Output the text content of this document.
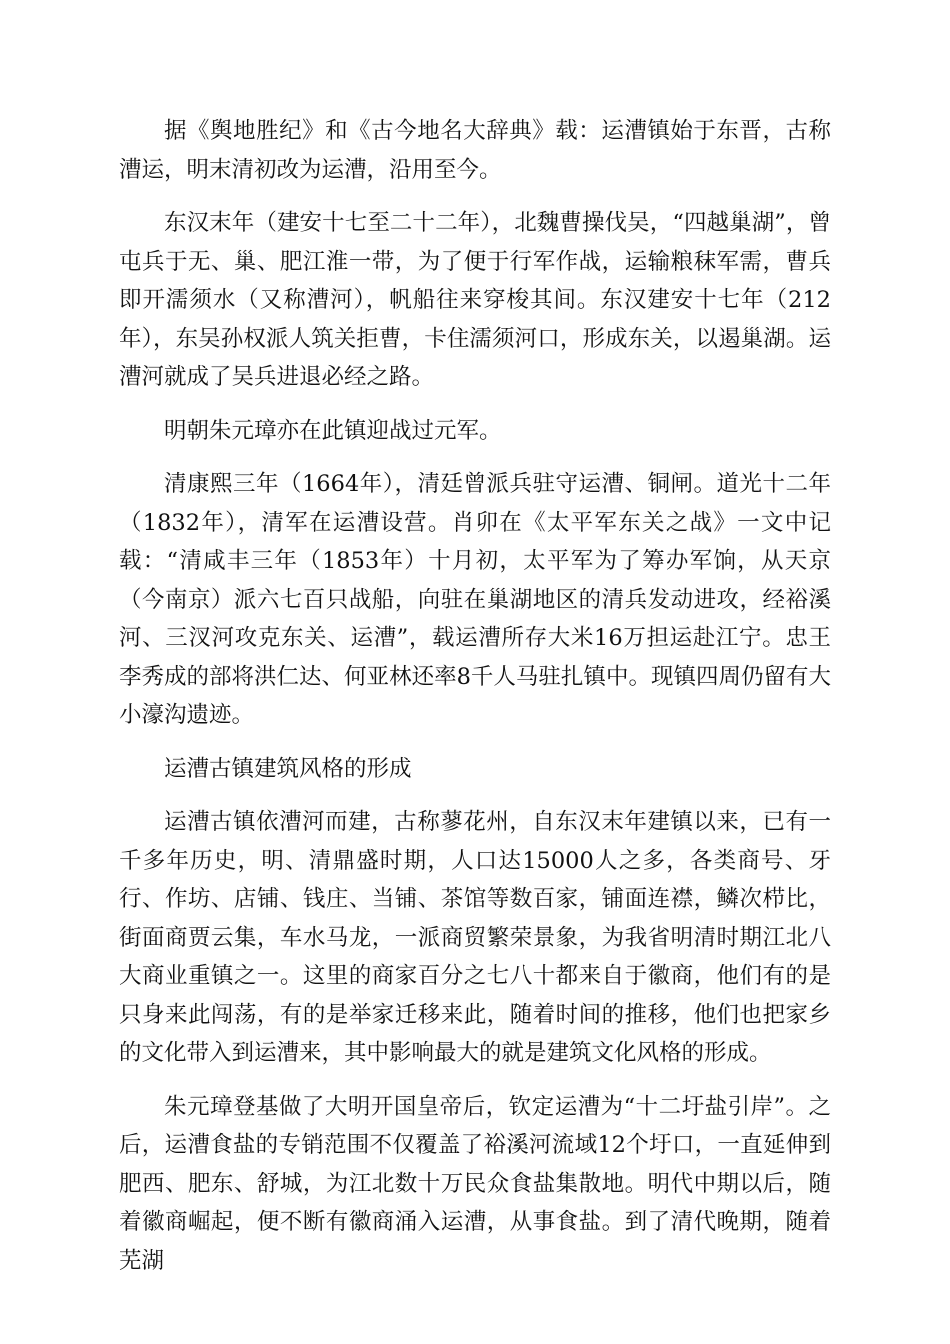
据《舆地胜纪》和《古今地名大辞典》载：运漕镇始于东晋，古称漕运，明末清初改为运漕，沿用至今。

东汉末年（建安十七至二十二年），北魏曹操伐吴，“四越巢湖”，曾屯兵于无、巢、肥江淮一带，为了便于行军作战，运输粮秣军需，曹兵即开濡须水（又称漕河），帆船往来穿梭其间。东汉建安十七年（212年），东吴孙权派人筑关拒曹，卡住濡须河口，形成东关，以遏巢湖。运漕河就成了吴兵进退必经之路。

明朝朱元璋亦在此镇迎战过元军。

清康熙三年（1664年），清廷曾派兵驻守运漕、铜闸。道光十二年（1832年），清军在运漕设营。肖卯在《太平军东关之战》一文中记载：“清咸丰三年（1853年）十月初，太平军为了筹办军饷，从天京（今南京）派六七百只战船，向驻在巢湖地区的清兵发动进攻，经裕溪河、三汊河攻克东关、运漕”，载运漕所存大米16万担运赴江宁。忠王李秀成的部将洪仁达、何亚林还率8千人马驻扎镇中。现镇四周仍留有大小濠沟遗迹。

运漕古镇建筑风格的形成

运漕古镇依漕河而建，古称蓼花州，自东汉末年建镇以来，已有一千多年历史，明、清鼎盛时期，人口达15000人之多，各类商号、牙行、作坊、店铺、钱庄、当铺、茶馆等数百家，铺面连襟，鳞次栉比，街面商贾云集，车水马龙，一派商贸繁荣景象，为我省明清时期江北八大商业重镇之一。这里的商家百分之七八十都来自于徽商，他们有的是只身来此闯荡，有的是举家迁移来此，随着时间的推移，他们也把家乡的文化带入到运漕来，其中影响最大的就是建筑文化风格的形成。

朱元璋登基做了大明开国皇帝后，钦定运漕为“十二圩盐引岸”。之后，运漕食盐的专销范围不仅覆盖了裕溪河流域12个圩口，一直延伸到肥西、肥东、舒城，为江北数十万民众食盐集散地。明代中期以后，随着徽商崛起，便不断有徽商涌入运漕，从事食盐。到了清代晚期，随着芜湖
